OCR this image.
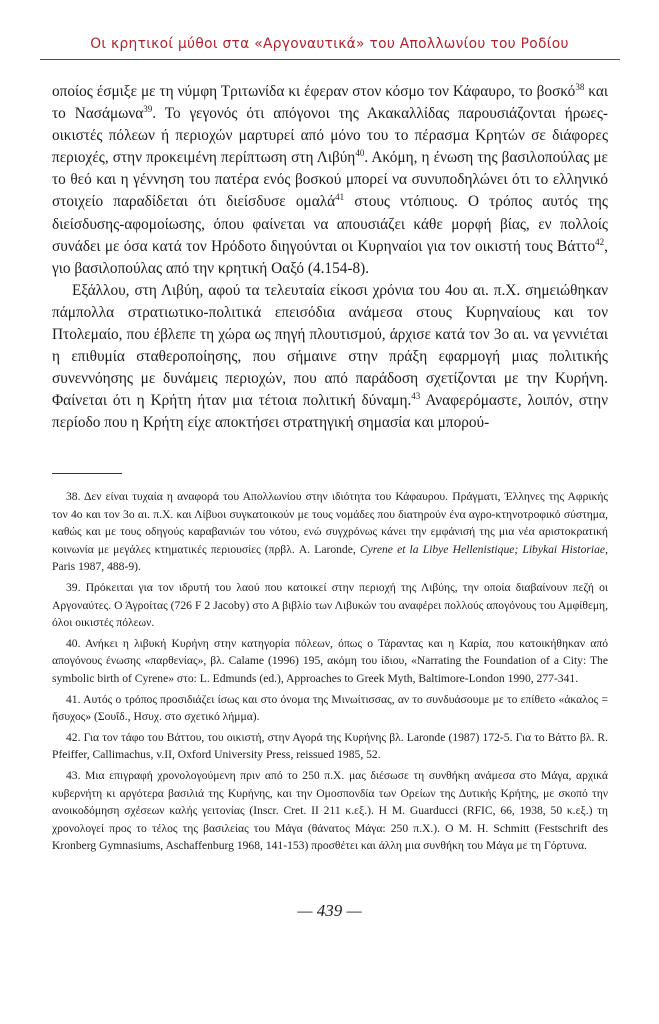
Οι κρητικοί μύθοι στα «Αργοναυτικά» του Απολλωνίου του Ροδίου

οποίος έσμιξε με τη νύμφη Τριτωνίδα κι έφεραν στον κόσμο τον Κάφαυρο, το βοσκό$^{38}$ και το Νασάμωνα$^{39}$. Το γεγονός ότι απόγονοι της Ακακαλλίδας παρουσιάζονται ήρωες-οικιστές πόλεων ή περιοχών μαρτυρεί από μόνο του το πέρασμα Κρητών σε διάφορες περιοχές, στην προκειμένη περίπτωση στη Λιβύη$^{40}$. Ακόμη, η ένωση της βασιλοπούλας με το θεό και η γέννηση του πατέρα ενός βοσκού μπορεί να συνυποδηλώνει ότι το ελληνικό στοιχείο παραδίδεται ότι διείσδυσε ομαλά$^{41}$ στους ντόπιους. Ο τρόπος αυτός της διείσδυσης-αφομοίωσης, όπου φαίνεται να απουσιάζει κάθε μορφή βίας, εν πολλοίς συνάδει με όσα κατά τον Ηρόδοτο διηγούνται οι Κυρηναίοι για τον οικιστή τους Βάττο$^{42}$, γιο βασιλοπούλας από την κρητική Οαξό (4.154-8).

Εξάλλου, στη Λιβύη, αφού τα τελευταία είκοσι χρόνια του 4ου αι. π.Χ. σημειώθηκαν πάμπολλα στρατιωτικο-πολιτικά επεισόδια ανάμεσα στους Κυρηναίους και τον Πτολεμαίο, που έβλεπε τη χώρα ως πηγή πλουτισμού, άρχισε κατά τον 3ο αι. να γεννιέται η επιθυμία σταθεροποίησης, που σήμαινε στην πράξη εφαρμογή μιας πολιτικής συνεννόησης με δυνάμεις περιοχών, που από παράδοση σχετίζονται με την Κυρήνη. Φαίνεται ότι η Κρήτη ήταν μια τέτοια πολιτική δύναμη.$^{43}$ Αναφερόμαστε, λοιπόν, στην περίοδο που η Κρήτη είχε αποκτήσει στρατηγική σημασία και μπορού-

38. Δεν είναι τυχαία η αναφορά του Απολλωνίου στην ιδιότητα του Κάφαυρου. Πράγματι, Έλληνες της Αφρικής τον 4ο και τον 3ο αι. π.Χ. και Λίβυοι συγκατοικούν με τους νομάδες που διατηρούν ένα αγρο-κτηνοτροφικό σύστημα, καθώς και με τους οδηγούς καραβανιών του νότου, ενώ συγχρόνως κάνει την εμφάνισή της μια νέα αριστοκρατική κοινωνία με μεγάλες κτηματικές περιουσίες (πρβλ. A. Laronde, Cyrene et la Libye Hellenistique; Libykai Historiae, Paris 1987, 488-9).

39. Πρόκειται για τον ιδρυτή του λαού που κατοικεί στην περιοχή της Λιβύης, την οποία διαβαίνουν πεζή οι Αργοναύτες. Ο Άγροίτας (726 F 2 Jacoby) στο Α βιβλίο των Λιβυκών του αναφέρει πολλούς απογόνους του Αμφίθεμη, όλοι οικιστές πόλεων.

40. Ανήκει η λιβυκή Κυρήνη στην κατηγορία πόλεων, όπως ο Τάραντας και η Καρία, που κατοικήθηκαν από απογόνους ένωσης «παρθενίας», βλ. Calame (1996) 195, ακόμη του ίδιου, «Narrating the Foundation of a City: The symbolic birth of Cyrene» στο: L. Edmunds (ed.), Approaches to Greek Myth, Baltimore-London 1990, 277-341.

41. Αυτός ο τρόπος προσιδιάζει ίσως και στο όνομα της Μινωίτισσας, αν το συνδυάσουμε με το επίθετο «άκαλος = ἥσυχος» (Σουΐδ., Ησυχ. στο σχετικό λήμμα).

42. Για τον τάφο του Βάττου, του οικιστή, στην Αγορά της Κυρήνης βλ. Laronde (1987) 172-5. Για το Βάττο βλ. R. Pfeiffer, Callimachus, v.II, Oxford University Press, reissued 1985, 52.

43. Μια επιγραφή χρονολογούμενη πριν από το 250 π.Χ. μας διέσωσε τη συνθήκη ανάμεσα στο Μάγα, αρχικά κυβερνήτη κι αργότερα βασιλιά της Κυρήνης, και την Ομοσπονδία των Ορείων της Δυτικής Κρήτης, με σκοπό την ανοικοδόμηση σχέσεων καλής γειτονίας (Inscr. Cret. II 211 κ.εξ.). Η M. Guarducci (RFIC, 66, 1938, 50 κ.εξ.) τη χρονολογεί προς το τέλος της βασιλείας του Μάγα (θάνατος Μάγα: 250 π.Χ.). Ο M. H. Schmitt (Festschrift des Kronberg Gymnasiums, Aschaffenburg 1968, 141-153) προσθέτει και άλλη μια συνθήκη του Μάγα με τη Γόρτυνα.

— 439 —
